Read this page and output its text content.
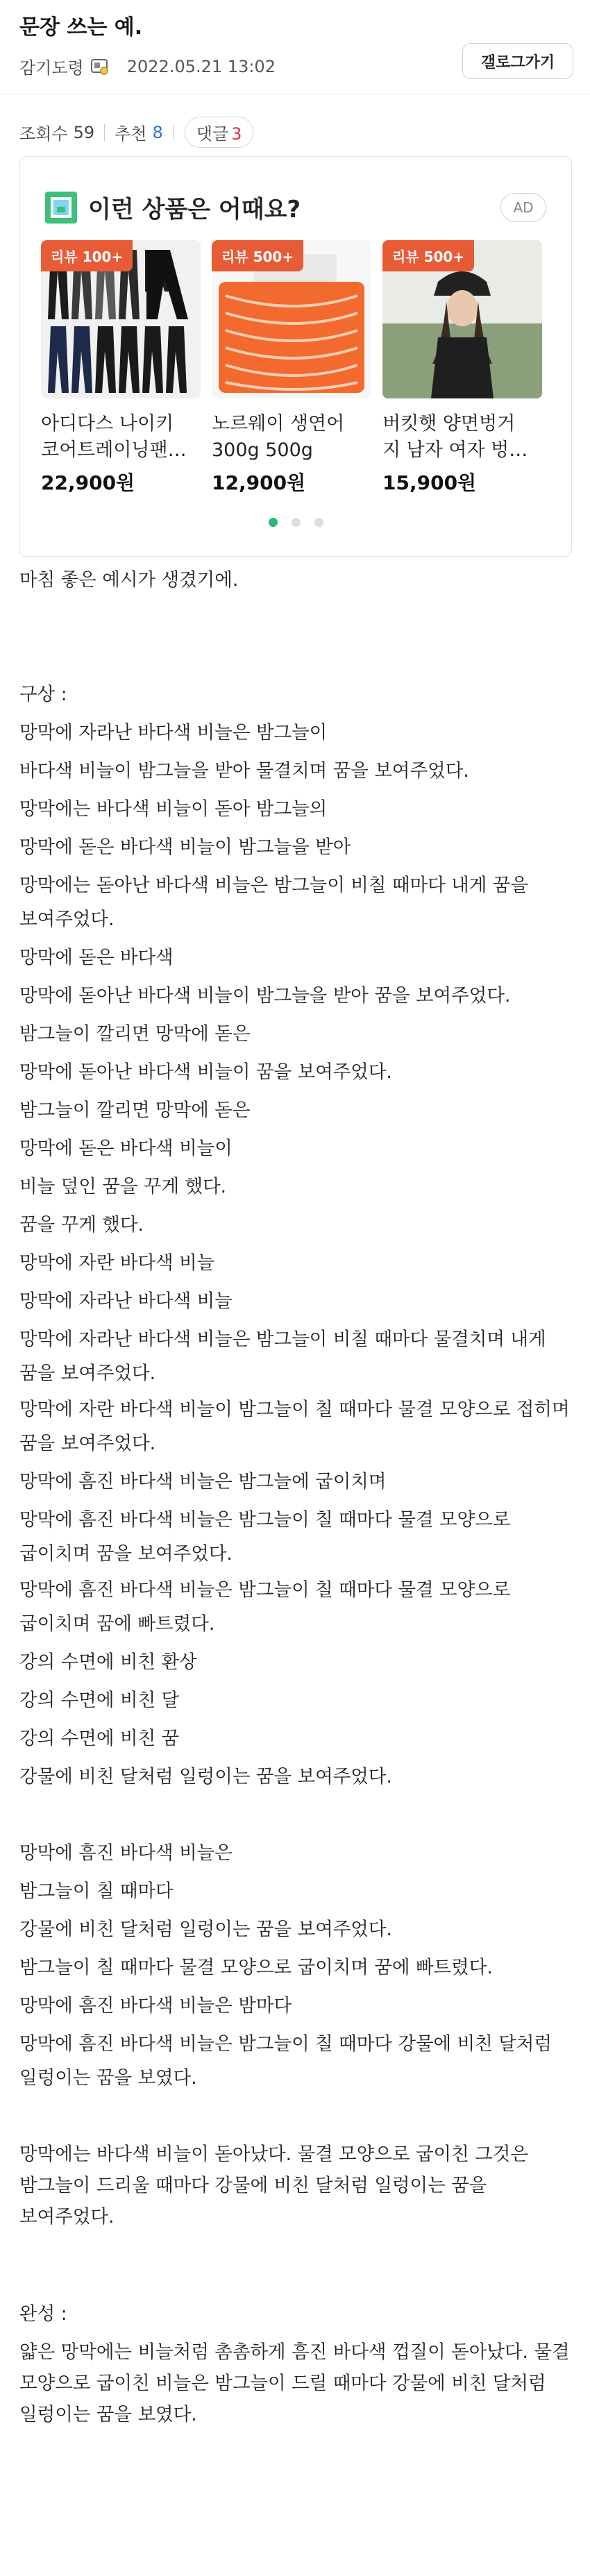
문장 쓰는 예.
감기도령	2022.05.21 13:02	갤로그가기
조회수 59 추천 8	댓글 3
이런 상품은 어때요?	AD
리뷰 100+
아디다스 나이키
코어트레이닝팬…
22,900원
리뷰 500+
노르웨이 생연어
300g 500g
12,900원
리뷰 500+
버킷햇 양면벙거
지 남자 여자 벙…
15,900원

마침 좋은 예시가 생겼기에.

구상 :

망막에 자라난 바다색 비늘은 밤그늘이

바다색 비늘이 밤그늘을 받아 물결치며 꿈을 보여주었다.

망막에는 바다색 비늘이 돋아 밤그늘의

망막에 돋은 바다색 비늘이 밤그늘을 받아

망막에는 돋아난 바다색 비늘은 밤그늘이 비칠 때마다 내게 꿈을 보여주었다.

망막에 돋은 바다색

망막에 돋아난 바다색 비늘이 밤그늘을 받아 꿈을 보여주었다.

밤그늘이 깔리면 망막에 돋은

망막에 돋아난 바다색 비늘이 꿈을 보여주었다.

밤그늘이 깔리면 망막에 돋은

망막에 돋은 바다색 비늘이

비늘 덮인 꿈을 꾸게 했다.

꿈을 꾸게 했다.

망막에 자란 바다색 비늘

망막에 자라난 바다색 비늘

망막에 자라난 바다색 비늘은 밤그늘이 비칠 때마다 물결치며 내게 꿈을 보여주었다.

망막에 자란 바다색 비늘이 밤그늘이 칠 때마다 물결 모양으로 접히며 꿈을 보여주었다.

망막에 흠진 바다색 비늘은 밤그늘에 굽이치며

망막에 흠진 바다색 비늘은 밤그늘이 칠 때마다 물결 모양으로 굽이치며 꿈을 보여주었다.

망막에 흠진 바다색 비늘은 밤그늘이 칠 때마다 물결 모양으로 굽이치며 꿈에 빠트렸다.

강의 수면에 비친 환상

강의 수면에 비친 달

강의 수면에 비친 꿈

강물에 비친 달처럼 일렁이는 꿈을 보여주었다.

망막에 흠진 바다색 비늘은

밤그늘이 칠 때마다

강물에 비친 달처럼 일렁이는 꿈을 보여주었다.

밤그늘이 칠 때마다 물결 모양으로 굽이치며 꿈에 빠트렸다.

망막에 흠진 바다색 비늘은 밤마다

망막에 흠진 바다색 비늘은 밤그늘이 칠 때마다 강물에 비친 달처럼 일렁이는 꿈을 보였다.

망막에는 바다색 비늘이 돋아났다. 물결 모양으로 굽이친 그것은 밤그늘이 드리울 때마다 강물에 비친 달처럼 일렁이는 꿈을 보여주었다.

완성 :

얇은 망막에는 비늘처럼 촘촘하게 흠진 바다색 껍질이 돋아났다. 물결 모양으로 굽이친 비늘은 밤그늘이 드릴 때마다 강물에 비친 달처럼 일렁이는 꿈을 보였다.
